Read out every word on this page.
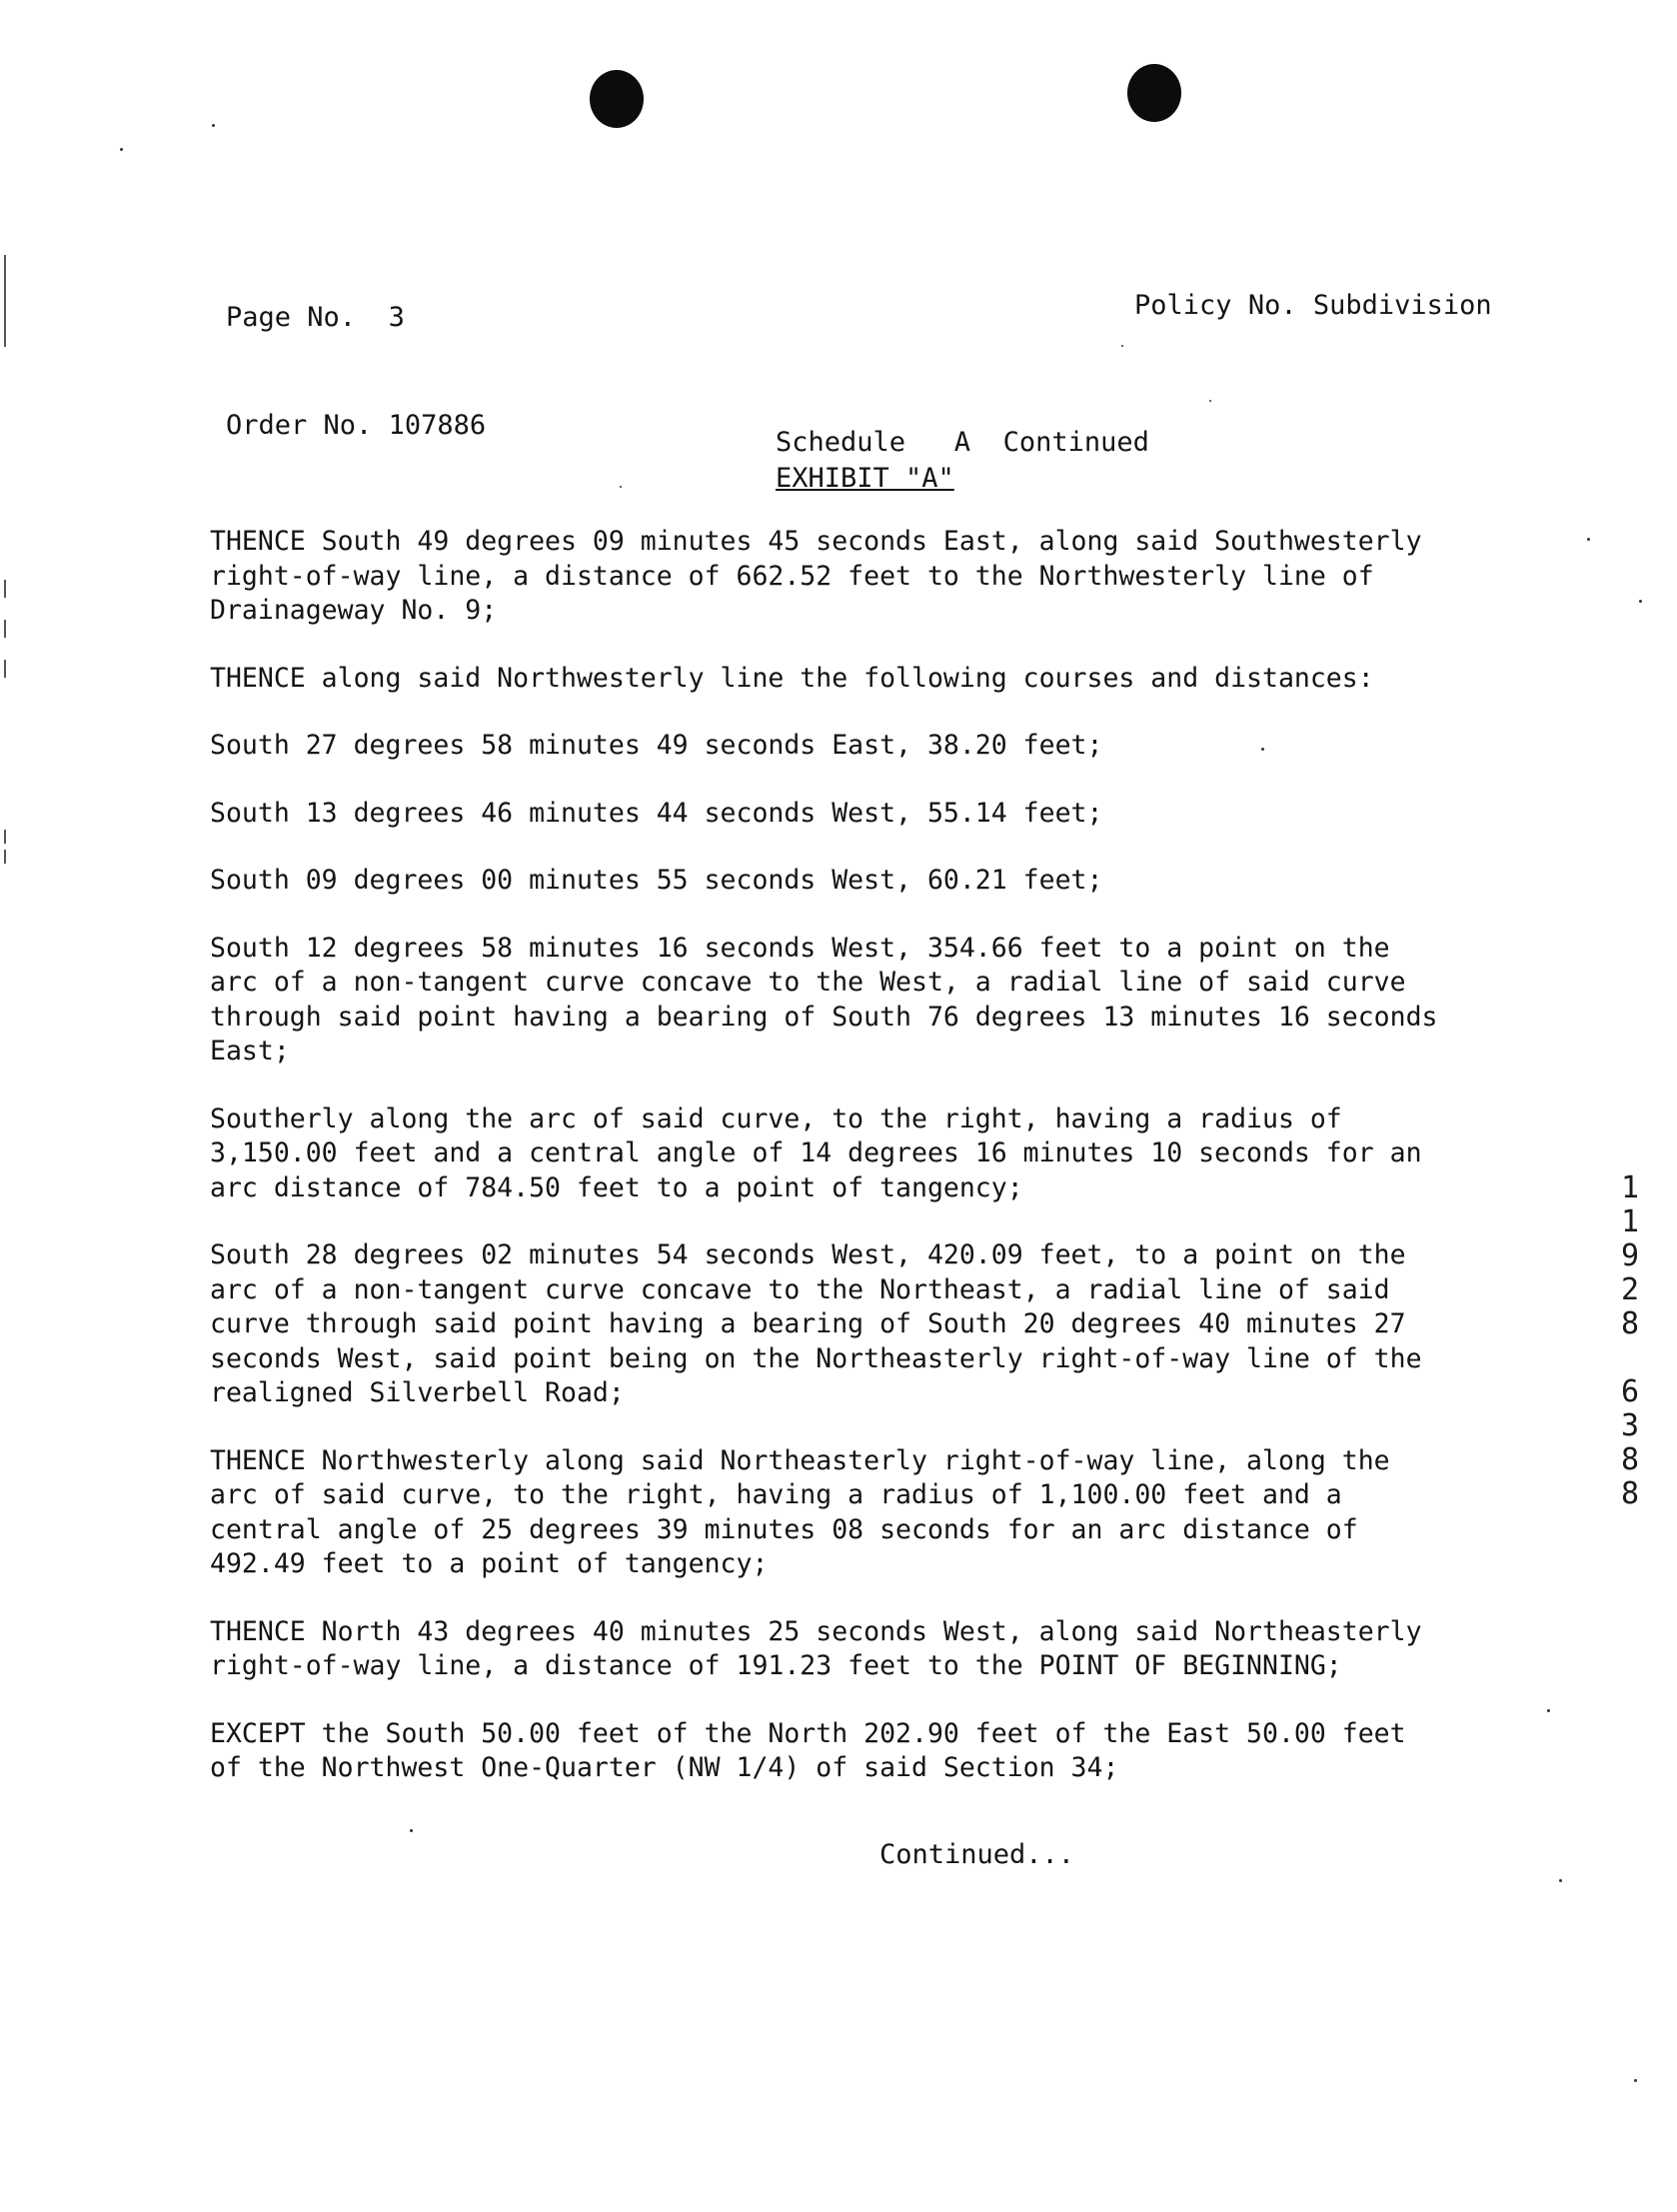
Page No. 3

Order No. 107886

Policy No. Subdivision

Schedule   A  Continued
EXHIBIT "A"

THENCE South 49 degrees 09 minutes 45 seconds East, along said Southwesterly
right-of-way line, a distance of 662.52 feet to the Northwesterly line of
Drainageway No. 9;

THENCE along said Northwesterly line the following courses and distances:

South 27 degrees 58 minutes 49 seconds East, 38.20 feet;

South 13 degrees 46 minutes 44 seconds West, 55.14 feet;

South 09 degrees 00 minutes 55 seconds West, 60.21 feet;

South 12 degrees 58 minutes 16 seconds West, 354.66 feet to a point on the
arc of a non-tangent curve concave to the West, a radial line of said curve
through said point having a bearing of South 76 degrees 13 minutes 16 seconds
East;

Southerly along the arc of said curve, to the right, having a radius of
3,150.00 feet and a central angle of 14 degrees 16 minutes 10 seconds for an
arc distance of 784.50 feet to a point of tangency;

South 28 degrees 02 minutes 54 seconds West, 420.09 feet, to a point on the
arc of a non-tangent curve concave to the Northeast, a radial line of said
curve through said point having a bearing of South 20 degrees 40 minutes 27
seconds West, said point being on the Northeasterly right-of-way line of the
realigned Silverbell Road;

THENCE Northwesterly along said Northeasterly right-of-way line, along the
arc of said curve, to the right, having a radius of 1,100.00 feet and a
central angle of 25 degrees 39 minutes 08 seconds for an arc distance of
492.49 feet to a point of tangency;

THENCE North 43 degrees 40 minutes 25 seconds West, along said Northeasterly
right-of-way line, a distance of 191.23 feet to the POINT OF BEGINNING;

EXCEPT the South 50.00 feet of the North 202.90 feet of the East 50.00 feet
of the Northwest One-Quarter (NW 1/4) of said Section 34;

Continued...
1
1
9
2
8

6
3
8
8
